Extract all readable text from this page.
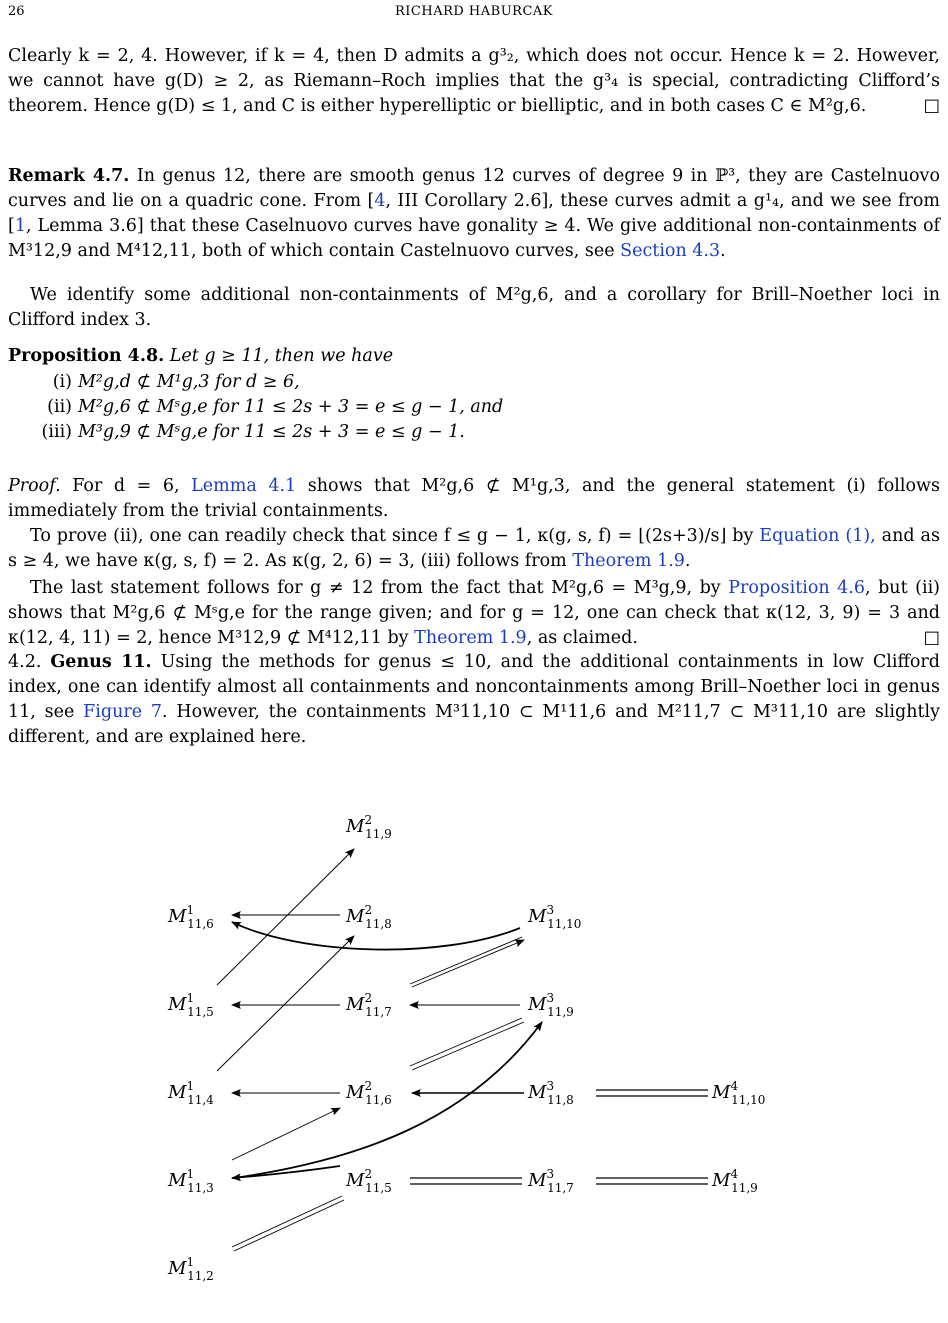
26	RICHARD HABURCAK
Clearly k = 2, 4. However, if k = 4, then D admits a g³₂, which does not occur. Hence k = 2. However, we cannot have g(D) ≥ 2, as Riemann–Roch implies that the g³₄ is special, contradicting Clifford’s theorem. Hence g(D) ≤ 1, and C is either hyperelliptic or bielliptic, and in both cases C ∈ M²g,6.	□
Remark 4.7. In genus 12, there are smooth genus 12 curves of degree 9 in ℙ³, they are Castelnuovo curves and lie on a quadric cone. From [4, III Corollary 2.6], these curves admit a g¹₄, and we see from [1, Lemma 3.6] that these Caselnuovo curves have gonality ≥ 4. We give additional non-containments of M³12,9 and M⁴12,11, both of which contain Castelnuovo curves, see Section 4.3.
We identify some additional non-containments of M²g,6, and a corollary for Brill–Noether loci in Clifford index 3.
Proposition 4.8. Let g ≥ 11, then we have
(i) M²g,d ⊄ M¹g,3 for d ≥ 6,
(ii) M²g,6 ⊄ Mˢg,e for 11 ≤ 2s + 3 = e ≤ g − 1, and
(iii) M³g,9 ⊄ Mˢg,e for 11 ≤ 2s + 3 = e ≤ g − 1.
Proof. For d = 6, Lemma 4.1 shows that M²g,6 ⊄ M¹g,3, and the general statement (i) follows immediately from the trivial containments.
To prove (ii), one can readily check that since f ≤ g − 1, κ(g, s, f) = ⌊(2s+3)/s⌋ by Equation (1), and as s ≥ 4, we have κ(g, s, f) = 2. As κ(g, 2, 6) = 3, (iii) follows from Theorem 1.9.
The last statement follows for g ≠ 12 from the fact that M²g,6 = M³g,9, by Proposition 4.6, but (ii) shows that M²g,6 ⊄ Mˢg,e for the range given; and for g = 12, one can check that κ(12, 3, 9) = 3 and κ(12, 4, 11) = 2, hence M³12,9 ⊄ M⁴12,11 by Theorem 1.9, as claimed.	□
4.2. Genus 11. Using the methods for genus ≤ 10, and the additional containments in low Clifford index, one can identify almost all containments and noncontainments among Brill–Noether loci in genus 11, see Figure 7. However, the containments M³11,10 ⊂ M¹11,6 and M²11,7 ⊂ M³11,10 are slightly different, and are explained here.
$M^2$ 11,9
$M^1$ 11,6	$M^2$ 11,8	$M^3$ 11,10
$M^1$ 11,5	$M^2$ 11,7	$M^3$ 11,9
$M^1$ 11,4	$M^2$ 11,6	$M^3$ 11,8	$M^4$ 11,10
$M^1$ 11,3	$M^2$ 11,5	$M^3$ 11,7	$M^4$ 11,9
$M^1$ 11,2
